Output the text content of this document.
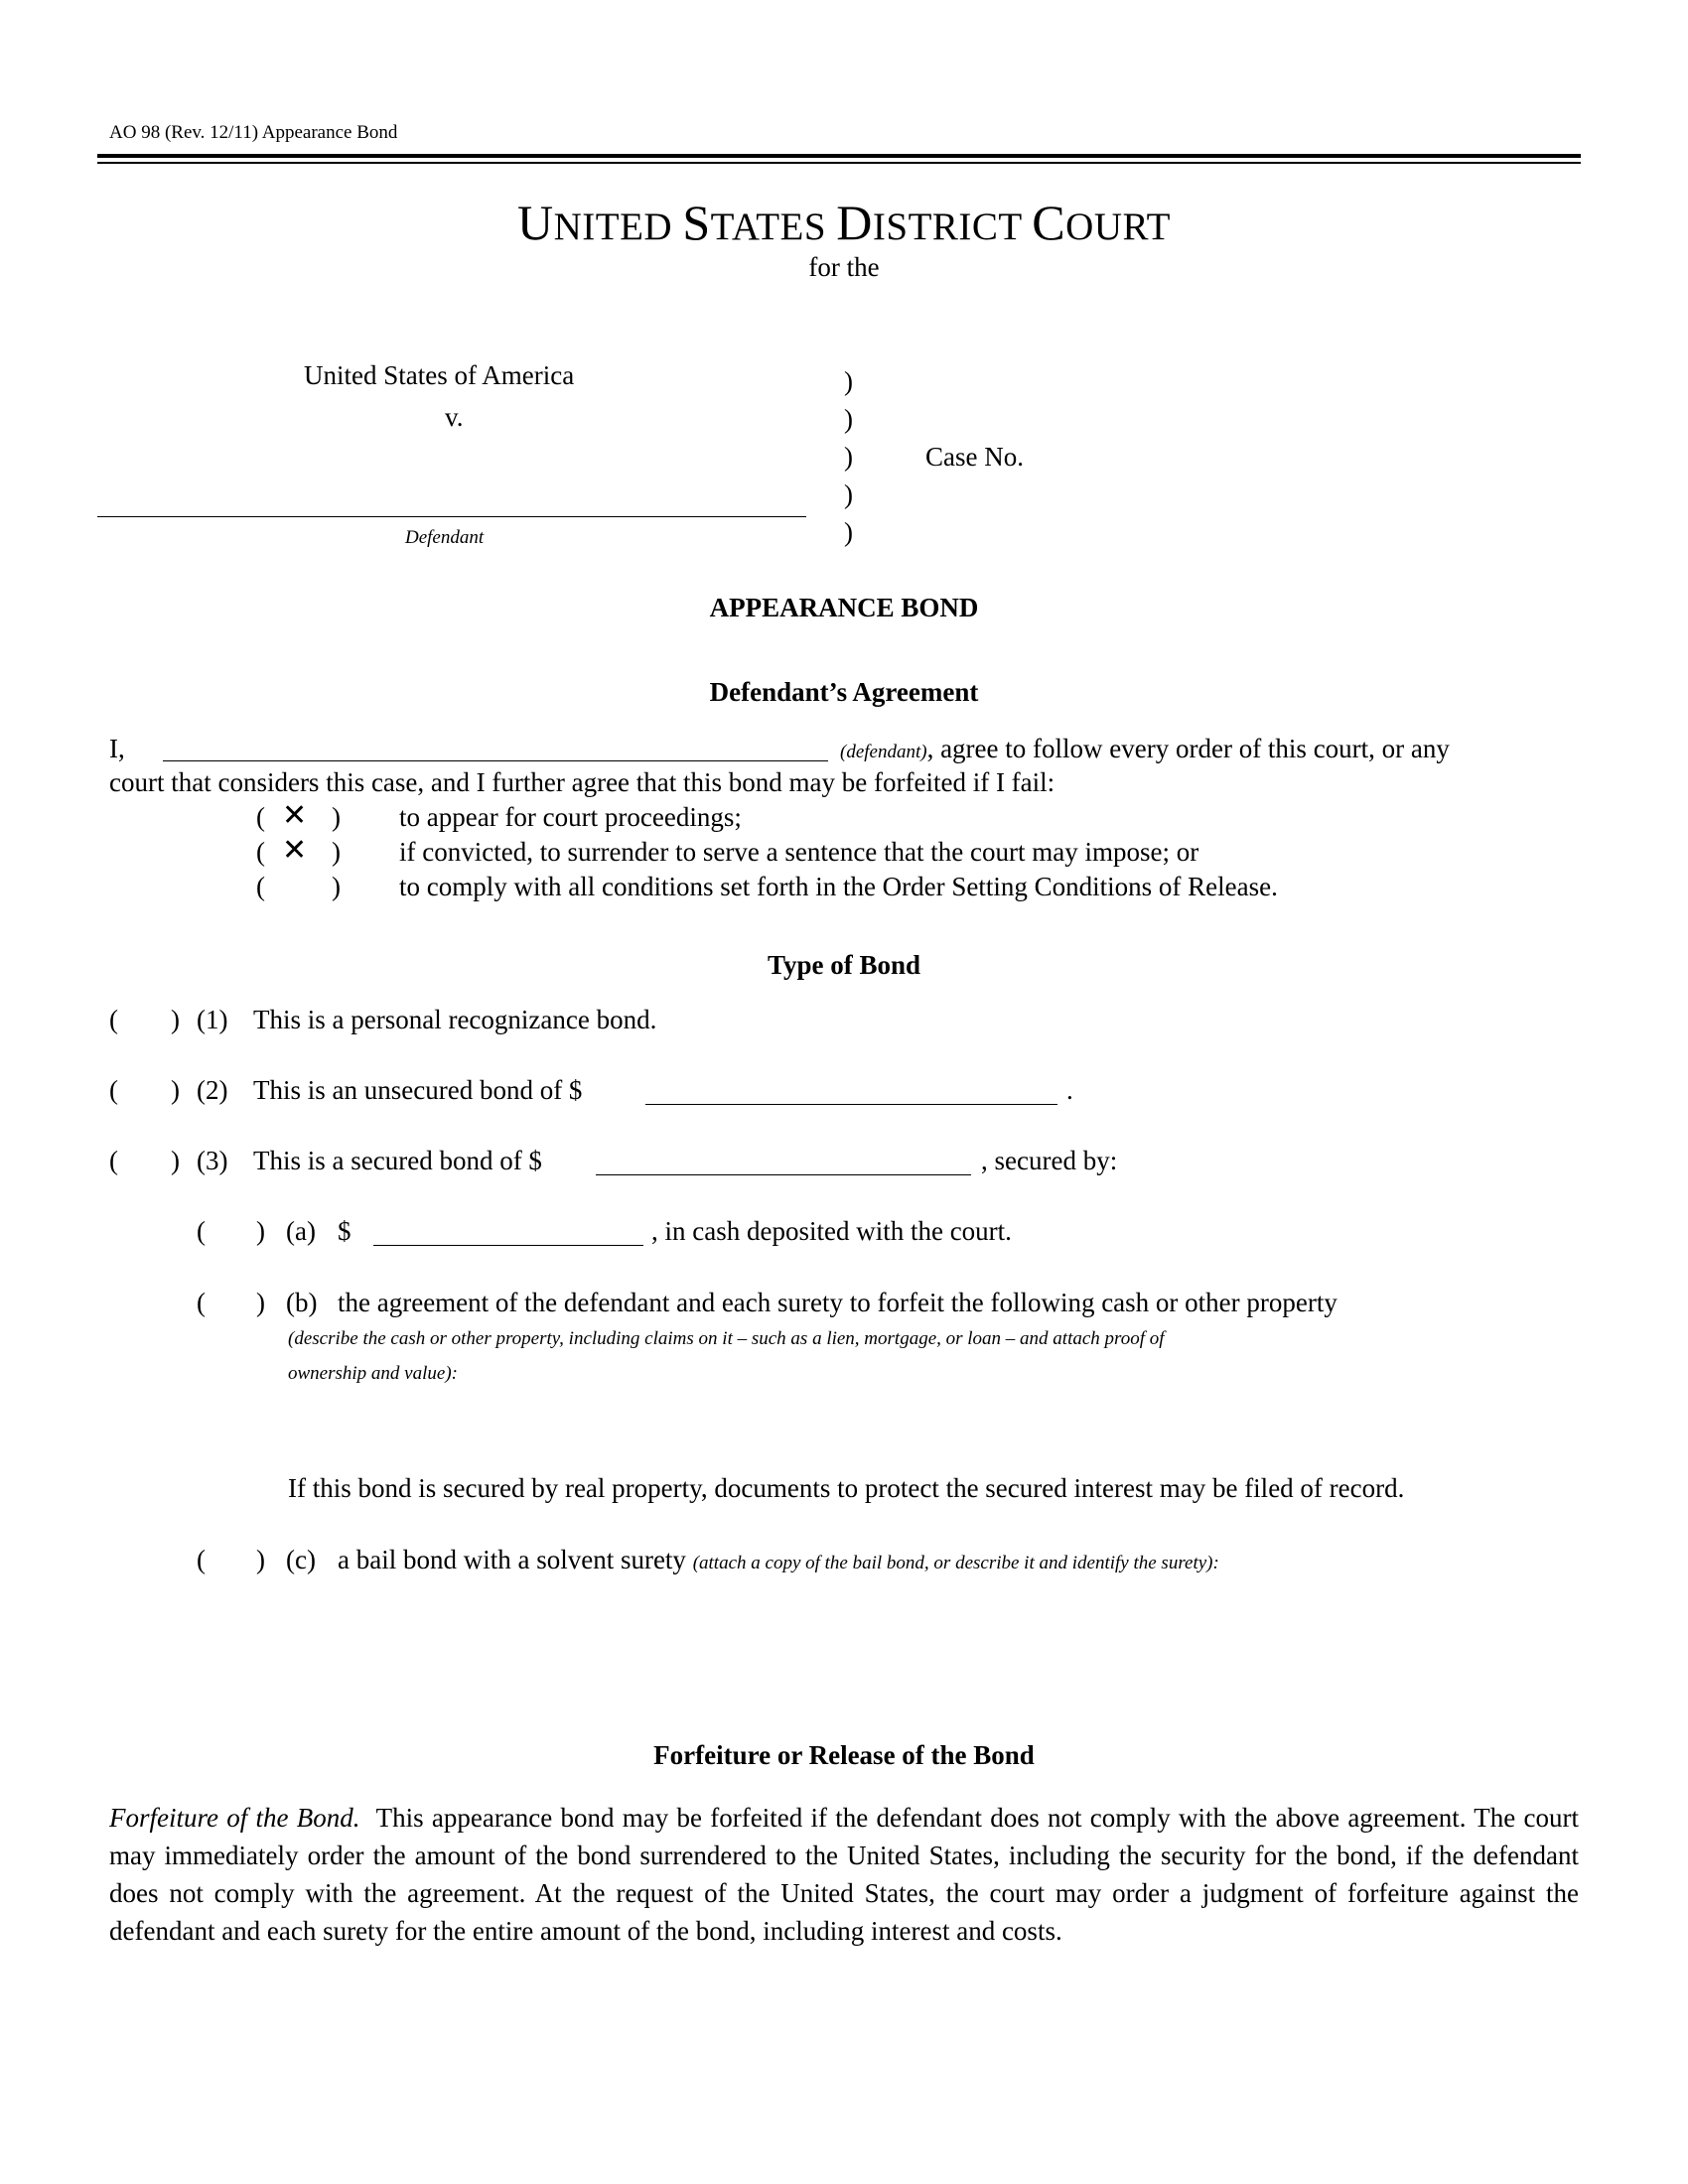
AO 98 (Rev. 12/11) Appearance Bond
UNITED STATES DISTRICT COURT
for the
United States of America
v.
)
)
)
)
)
Case No.
Defendant
APPEARANCE BOND
Defendant’s Agreement
I,	(defendant), agree to follow every order of this court, or any
court that considers this case, and I further agree that this bond may be forfeited if I fail:
( ✕ ) to appear for court proceedings;
( ✕ ) if convicted, to surrender to serve a sentence that the court may impose; or
( ) to comply with all conditions set forth in the Order Setting Conditions of Release.
Type of Bond
( ) (1) This is a personal recognizance bond.
( ) (2) This is an unsecured bond of $	.
( ) (3) This is a secured bond of $	, secured by:
( ) (a) $	, in cash deposited with the court.
( ) (b) the agreement of the defendant and each surety to forfeit the following cash or other property
(describe the cash or other property, including claims on it – such as a lien, mortgage, or loan – and attach proof of
ownership and value):
If this bond is secured by real property, documents to protect the secured interest may be filed of record.
( ) (c) a bail bond with a solvent surety (attach a copy of the bail bond, or describe it and identify the surety):
Forfeiture or Release of the Bond
Forfeiture of the Bond. This appearance bond may be forfeited if the defendant does not comply with the above agreement. The court may immediately order the amount of the bond surrendered to the United States, including the security for the bond, if the defendant does not comply with the agreement. At the request of the United States, the court may order a judgment of forfeiture against the defendant and each surety for the entire amount of the bond, including interest and costs.
